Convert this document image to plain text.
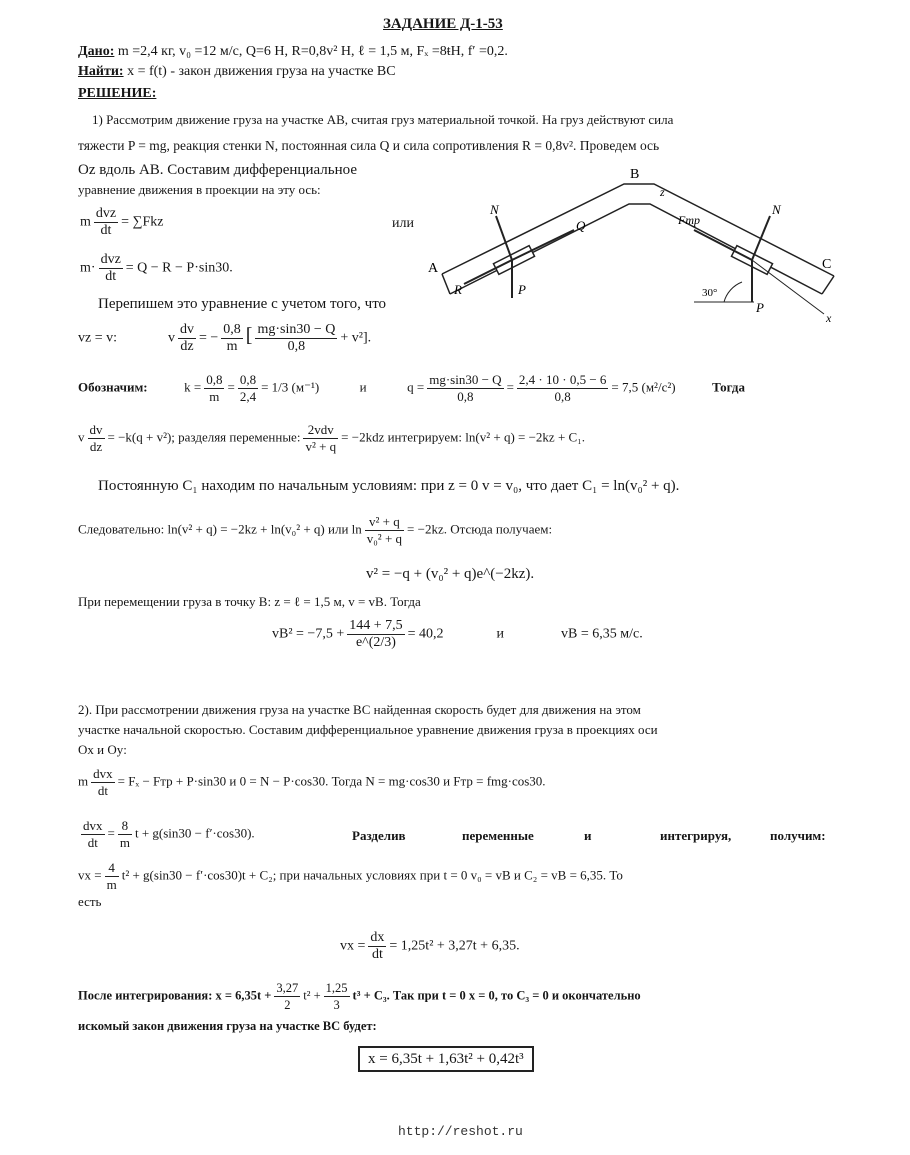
ЗАДАНИЕ Д-1-53
Дано: m =2,4 кг, v₀ =12 м/с, Q=6 Н, R=0,8v² Н, ℓ = 1,5 м, Fₓ =8ŧН, f′ =0,2.
Найти: x = f(t) - закон движения груза на участке ВС
РЕШЕНИЕ:
1) Рассмотрим движение груза на участке АВ, считая груз материальной точкой. На груз действуют сила
тяжести P = mg, реакция стенки N, постоянная сила Q и сила сопротивления R = 0,8v². Проведем ось
Oz вдоль АВ. Составим дифференциальное
уравнение движения в проекции на эту ось:
m $\frac{\text{dvz}}{dt} = \sum Fkz$	или
$m\cdot \frac{\text{dvz}}{dt} = Q - R - P\cdot\sin 30$.
Перепишем это уравнение с учетом того, что
vz = v:	v $\frac{dv}{dz}$ = − $\frac{0,8}{m}$ [ $\frac{mg\cdot\sin 30 - Q}{0,8} + v^2$].
Обозначим:	$k = \frac{0,8}{m} = \frac{0,8}{2,4} = 1/3$ (м⁻¹)	и	$q = \frac{mg\cdot\sin 30 - Q}{0,8} = \frac{2,4 \cdot 10 \cdot 0,5 - 6}{0,8} = 7,5$ (м²/с²)	Тогда
v $\frac{dv}{dz} = -k(q + v^2)$; разделяя переменные: $\frac{\text{2vdv}}{\text{v² + q}} = -2kdz$ интегрируем: ln(v² + q) = −2kz + C₁.
Постоянную C₁ находим по начальным условиям: при z = 0 v = v₀, что дает C₁ = ln(v₀² + q).
Следовательно: ln(v² + q) = −2kz + ln(v₀² + q) или $\ln \frac{\text{v² + q}}{\text{v₀² + q}} = -2kz$. Отсюда получаем:
v² = −q + (v₀² + q)e^(−2kz).
При перемещении груза в точку B: z = ℓ = 1,5 м, v = vB. Тогда
$vB^2 = -7,5 + \frac{144 + 7,5}{e\^{}(2/3)} = 40,2$	и	vB = 6,35 м/с.
2). При рассмотрении движения груза на участке ВС найденная скорость будет для движения на этом
участке начальной скоростью. Составим дифференциальное уравнение движения груза в проекциях оси
Ox и Oy:
m $\frac{\text{dvx}}{dt} = F_x$ − Fтр + P·sin30 и 0 = N − P·cos30. Тогда N = mg·cos30 и Fтр = fmg·cos30.
$\frac{\text{dvx}}{dt} = \frac{8}{m}$ t + g(sin30 − f′·cos30).	Разделив	переменные	и	интегрируя,	получим:
vx = $\frac{4}{m} t^2 + g(\sin 30 - f'\cdot\cos 30)t + C_2$; при начальных условиях при t = 0 v₀ = vB и C₂ = vB = 6,35. То
есть
vx = $\frac{dx}{dt} = 1,25t^2 + 3,27t + 6,35$.
После интегрирования: $x = 6,35t + \frac{3,27}{2} t^2 + \frac{1,25}{3} t^3 + C_3$. Так при t = 0 x = 0, то C₃ = 0 и окончательно
искомый закон движения груза на участке ВС будет:
x = 6,35t + 1,63t² + 0,42t³
http://reshot.ru
A
B
C
N
Q
R	P
N
Fтр
P
z
x
30°
